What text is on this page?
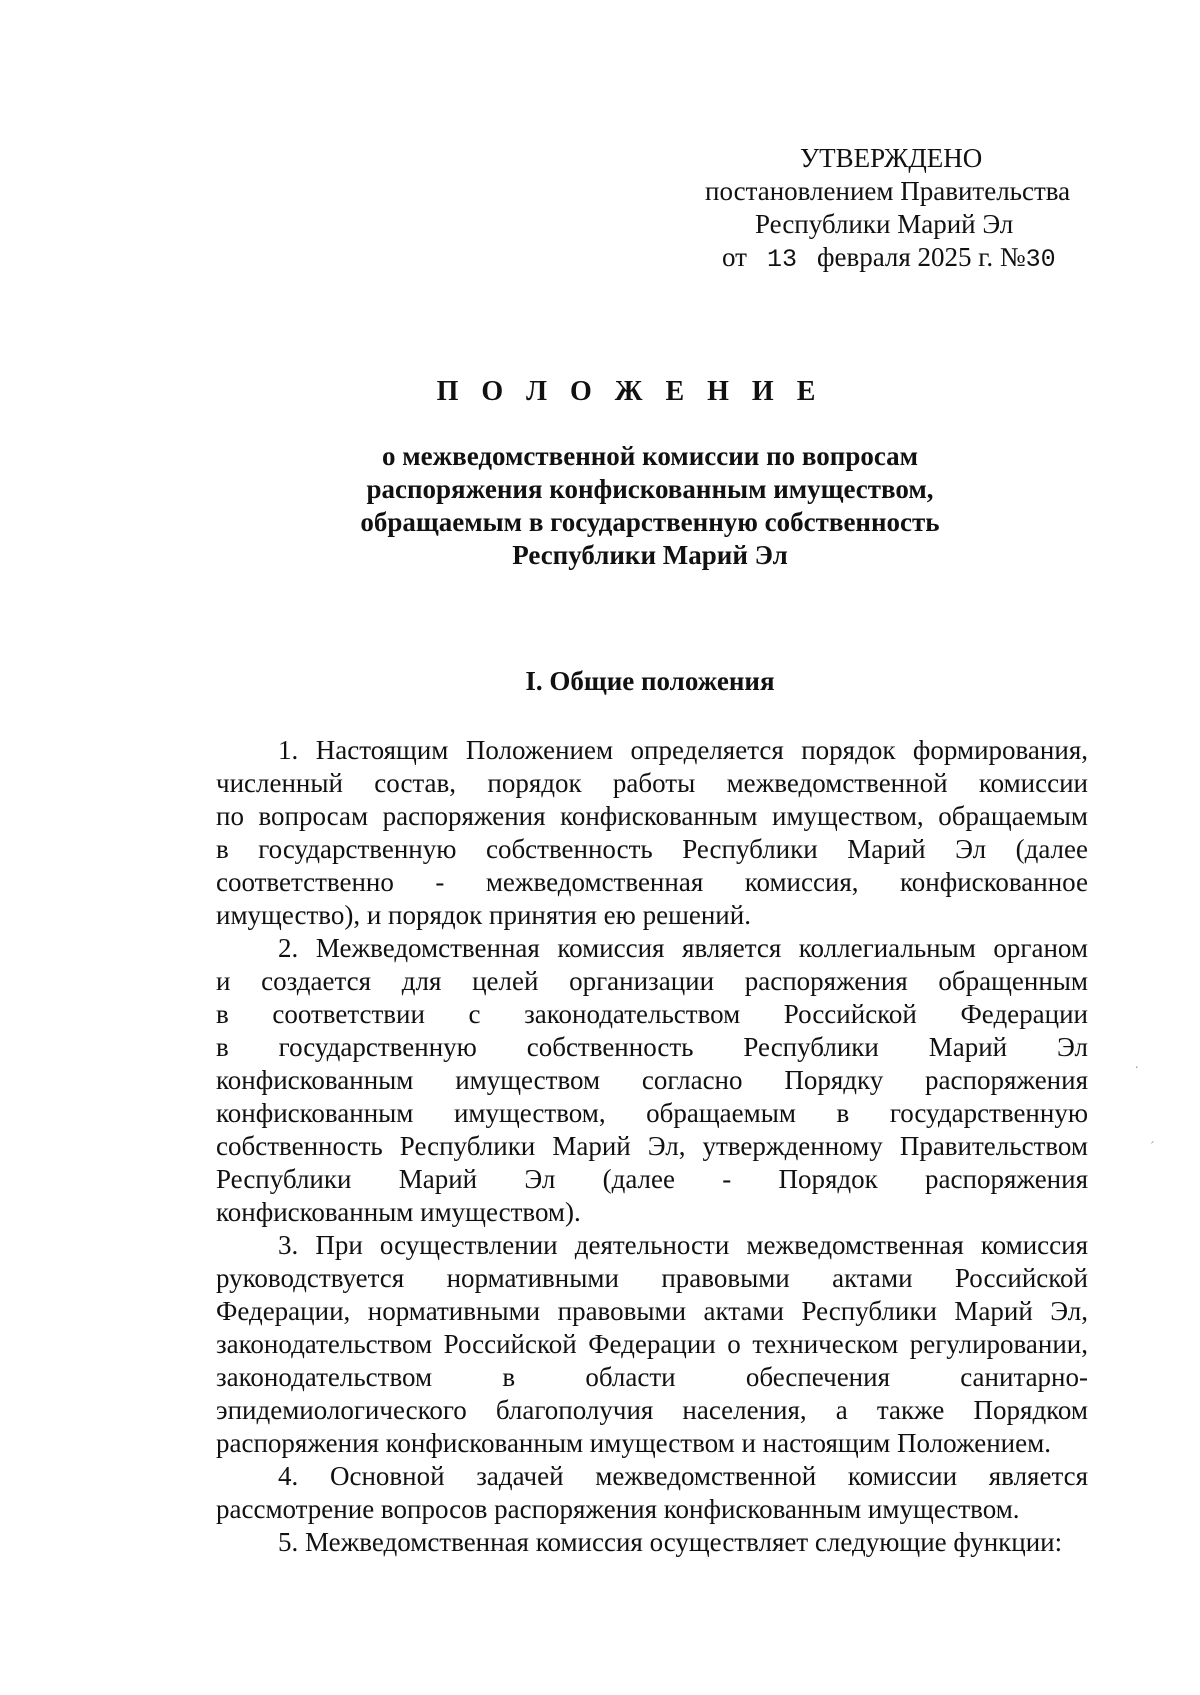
УТВЕРЖДЕНО
постановлением Правительства
Республики Марий Эл
от 13 февраля 2025 г. №30
П О Л О Ж Е Н И Е
о межведомственной комиссии по вопросам
распоряжения конфискованным имуществом,
обращаемым в государственную собственность
Республики Марий Эл
I. Общие положения
1. Настоящим Положением определяется порядок формирования,
численный состав, порядок работы межведомственной комиссии
по вопросам распоряжения конфискованным имуществом, обращаемым
в государственную собственность Республики Марий Эл (далее
соответственно - межведомственная комиссия, конфискованное
имущество), и порядок принятия ею решений.
2. Межведомственная комиссия является коллегиальным органом
и создается для целей организации распоряжения обращенным
в соответствии с законодательством Российской Федерации
в государственную собственность Республики Марий Эл
конфискованным имуществом согласно Порядку распоряжения
конфискованным имуществом, обращаемым в государственную
собственность Республики Марий Эл, утвержденному Правительством
Республики Марий Эл (далее - Порядок распоряжения
конфискованным имуществом).
3. При осуществлении деятельности межведомственная комиссия
руководствуется нормативными правовыми актами Российской
Федерации, нормативными правовыми актами Республики Марий Эл,
законодательством Российской Федерации о техническом регулировании,
законодательством в области обеспечения санитарно-
эпидемиологического благополучия населения, а также Порядком
распоряжения конфискованным имуществом и настоящим Положением.
4. Основной задачей межведомственной комиссии является
рассмотрение вопросов распоряжения конфискованным имуществом.
5. Межведомственная комиссия осуществляет следующие функции:
.
´
